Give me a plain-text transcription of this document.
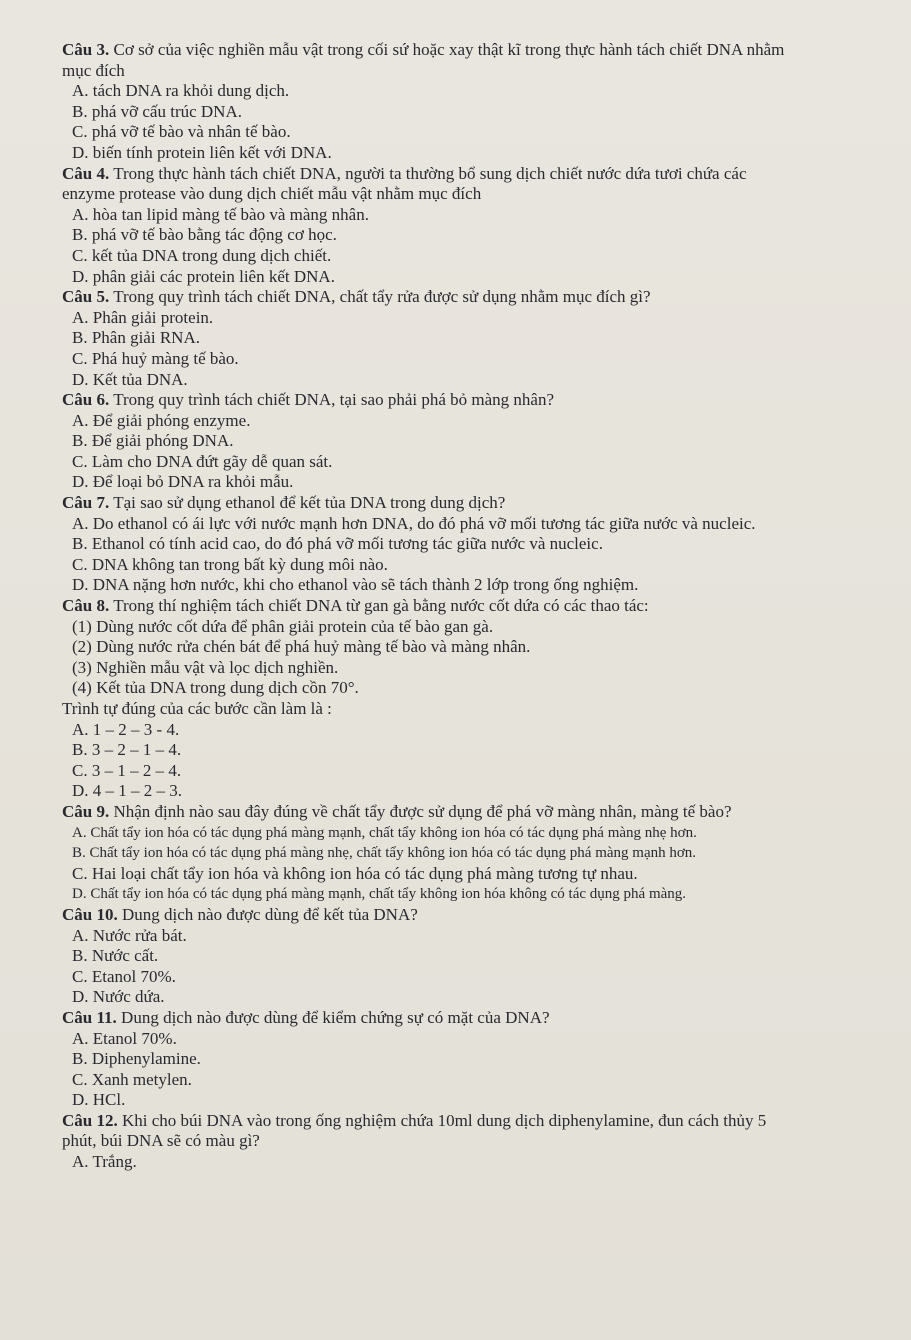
Câu 3. Cơ sở của việc nghiền mẫu vật trong cối sứ hoặc xay thật kĩ trong thực hành tách chiết DNA nhằm
mục đích
A. tách DNA ra khỏi dung dịch.
B. phá vỡ cấu trúc DNA.
C. phá vỡ tế bào và nhân tế bào.
D. biến tính protein liên kết với DNA.
Câu 4. Trong thực hành tách chiết DNA, người ta thường bổ sung dịch chiết nước dứa tươi chứa các
enzyme protease vào dung dịch chiết mẫu vật nhằm mục đích
A. hòa tan lipid màng tế bào và màng nhân.
B. phá vỡ tế bào bằng tác động cơ học.
C. kết tủa DNA trong dung dịch chiết.
D. phân giải các protein liên kết DNA.
Câu 5. Trong quy trình tách chiết DNA, chất tẩy rửa được sử dụng nhằm mục đích gì?
A. Phân giải protein.
B. Phân giải RNA.
C. Phá huỷ màng tế bào.
D. Kết tủa DNA.
Câu 6. Trong quy trình tách chiết DNA, tại sao phải phá bỏ màng nhân?
A. Để giải phóng enzyme.
B. Để giải phóng DNA.
C. Làm cho DNA đứt gãy dễ quan sát.
D. Để loại bỏ DNA ra khỏi mẫu.
Câu 7. Tại sao sử dụng ethanol để kết tủa DNA trong dung dịch?
A. Do ethanol có ái lực với nước mạnh hơn DNA, do đó phá vỡ mối tương tác giữa nước và nucleic.
B. Ethanol có tính acid cao, do đó phá vỡ mối tương tác giữa nước và nucleic.
C. DNA không tan trong bất kỳ dung môi nào.
D. DNA nặng hơn nước, khi cho ethanol vào sẽ tách thành 2 lớp trong ống nghiệm.
Câu 8. Trong thí nghiệm tách chiết DNA từ gan gà bằng nước cốt dứa có các thao tác:
(1) Dùng nước cốt dứa để phân giải protein của tế bào gan gà.
(2) Dùng nước rửa chén bát để phá huỷ màng tế bào và màng nhân.
(3) Nghiền mẫu vật và lọc dịch nghiền.
(4) Kết tủa DNA trong dung dịch cồn 70°.
Trình tự đúng của các bước cần làm là :
A. 1 – 2 – 3 - 4.
B. 3 – 2 – 1 – 4.
C. 3 – 1 – 2 – 4.
D. 4 – 1 – 2 – 3.
Câu 9. Nhận định nào sau đây đúng về chất tẩy được sử dụng để phá vỡ màng nhân, màng tế bào?
A. Chất tẩy ion hóa có tác dụng phá màng mạnh, chất tẩy không ion hóa có tác dụng phá màng nhẹ hơn.
B. Chất tẩy ion hóa có tác dụng phá màng nhẹ, chất tẩy không ion hóa có tác dụng phá màng mạnh hơn.
C. Hai loại chất tẩy ion hóa và không ion hóa có tác dụng phá màng tương tự nhau.
D. Chất tẩy ion hóa có tác dụng phá màng mạnh, chất tẩy không ion hóa không có tác dụng phá màng.
Câu 10. Dung dịch nào được dùng để kết tủa DNA?
A. Nước rửa bát.
B. Nước cất.
C. Etanol 70%.
D. Nước dứa.
Câu 11. Dung dịch nào được dùng để kiểm chứng sự có mặt của DNA?
A. Etanol 70%.
B. Diphenylamine.
C. Xanh metylen.
D. HCl.
Câu 12. Khi cho búi DNA vào trong ống nghiệm chứa 10ml dung dịch diphenylamine, đun cách thủy 5
phút, búi DNA sẽ có màu gì?
A. Trắng.
